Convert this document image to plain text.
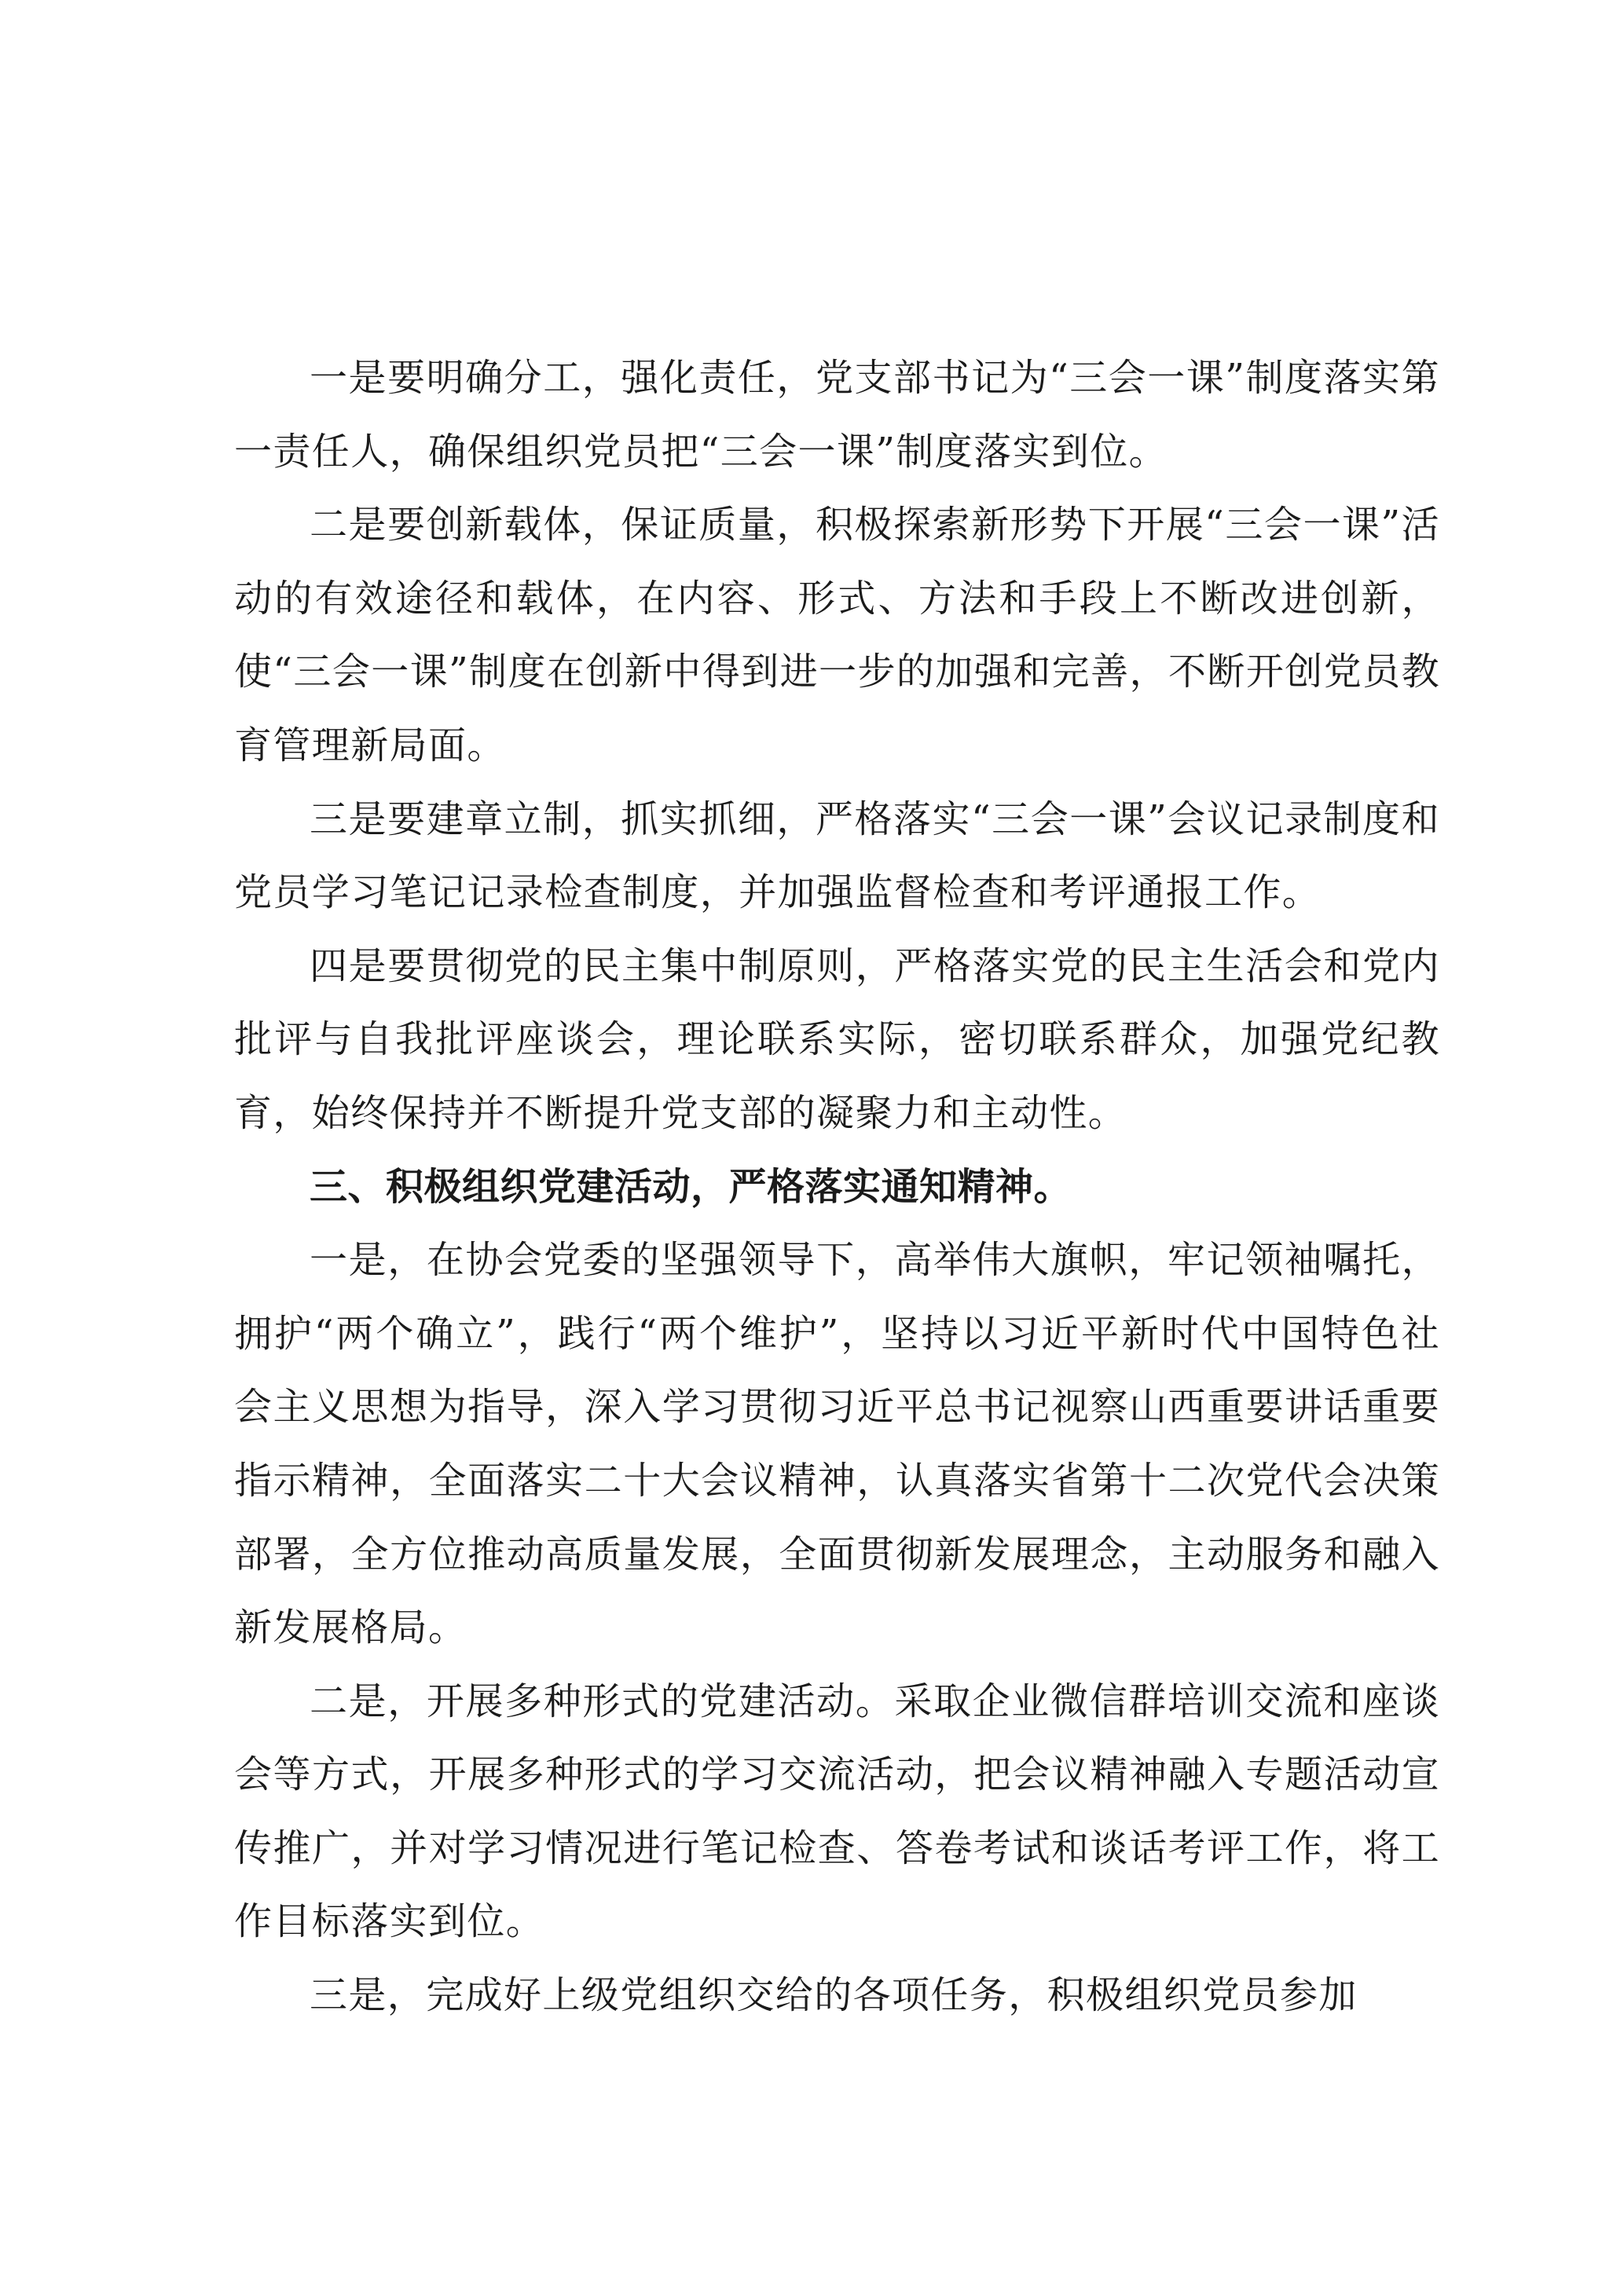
一是要明确分工，强化责任，党支部书记为“三会一课”制度落实第一责任人，确保组织党员把“三会一课”制度落实到位。

二是要创新载体，保证质量，积极探索新形势下开展“三会一课”活动的有效途径和载体，在内容、形式、方法和手段上不断改进创新，使“三会一课”制度在创新中得到进一步的加强和完善，不断开创党员教育管理新局面。

三是要建章立制，抓实抓细，严格落实“三会一课”会议记录制度和党员学习笔记记录检查制度，并加强监督检查和考评通报工作。

四是要贯彻党的民主集中制原则，严格落实党的民主生活会和党内批评与自我批评座谈会，理论联系实际，密切联系群众，加强党纪教育，始终保持并不断提升党支部的凝聚力和主动性。

三、积极组织党建活动，严格落实通知精神。

一是，在协会党委的坚强领导下，高举伟大旗帜，牢记领袖嘱托，拥护“两个确立”，践行“两个维护”，坚持以习近平新时代中国特色社会主义思想为指导，深入学习贯彻习近平总书记视察山西重要讲话重要指示精神，全面落实二十大会议精神，认真落实省第十二次党代会决策部署，全方位推动高质量发展，全面贯彻新发展理念，主动服务和融入新发展格局。

二是，开展多种形式的党建活动。采取企业微信群培训交流和座谈会等方式，开展多种形式的学习交流活动，把会议精神融入专题活动宣传推广，并对学习情况进行笔记检查、答卷考试和谈话考评工作，将工作目标落实到位。

三是，完成好上级党组织交给的各项任务，积极组织党员参加
